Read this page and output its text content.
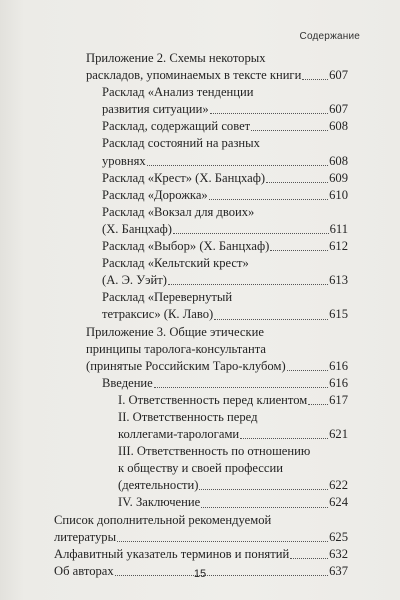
Содержание
Приложение 2. Схемы некоторых
раскладов, упоминаемых в тексте книги 607
Расклад «Анализ тенденции
развития ситуации»	607
Расклад, содержащий совет	608
Расклад состояний на разных
уровнях	608
Расклад «Крест» (Х. Банцхаф)	609
Расклад «Дорожка»	610
Расклад «Вокзал для двоих»
(Х. Банцхаф)	611
Расклад «Выбор» (Х. Банцхаф)	612
Расклад «Кельтский крест»
(А. Э. Уэйт)	613
Расклад «Перевернутый
тетраксис» (К. Лаво)	615
Приложение 3. Общие этические
принципы таролога-консультанта
(принятые Российским Таро-клубом)	616
Введение	616
I. Ответственность перед клиентом 617
II. Ответственность перед
коллегами-тарологами	621
III. Ответственность по отношению
к обществу и своей профессии
(деятельности)	622
IV. Заключение	624
Список дополнительной рекомендуемой
литературы	625
Алфавитный указатель терминов и понятий	632
Об авторах	637
15
